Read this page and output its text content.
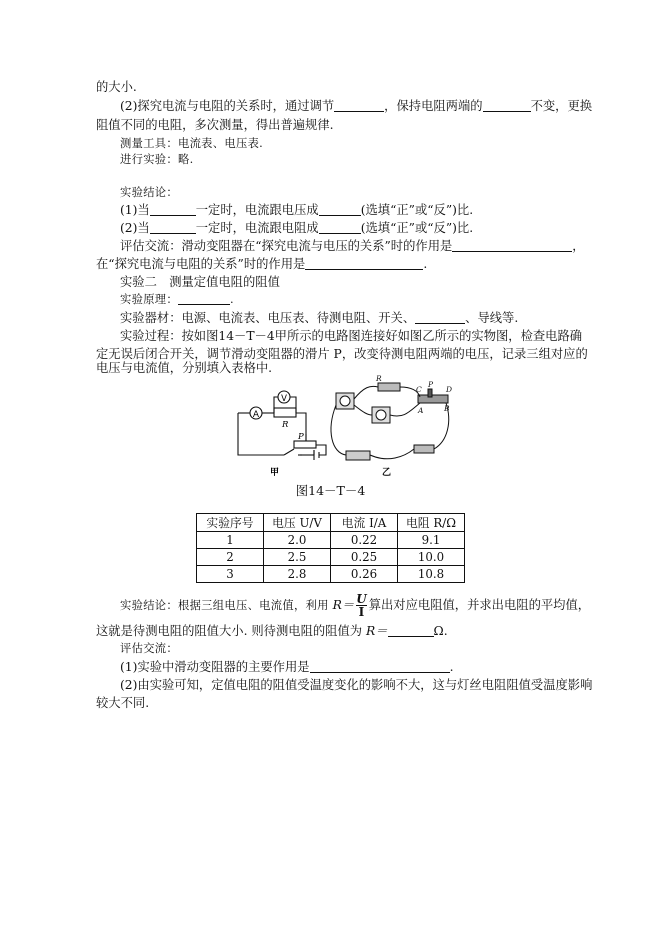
的大小.
(2)探究电流与电阻的关系时，通过调节	，保持电阻两端的	不变，更换
阻值不同的电阻，多次测量，得出普遍规律.
测量工具：电流表、电压表.
进行实验：略.
实验结论：
(1)当	一定时，电流跟电压成	(选填“正”或“反”)比.
(2)当	一定时，电流跟电阻成	(选填“正”或“反”)比.
评估交流：滑动变阻器在“探究电流与电压的关系”时的作用是	，
在“探究电流与电阻的关系”时的作用是	.
实验二　测量定值电阻的阻值
实验原理：	.
实验器材：电源、电流表、电压表、待测电阻、开关、	、导线等.
实验过程：按如图14－T－4甲所示的电路图连接好如图乙所示的实物图，检查电路确
定无误后闭合开关，调节滑动变阻器的滑片 P，改变待测电阻两端的电压，记录三组对应的
电压与电流值，分别填入表格中.
A
V
R
P
甲
R
C
P
D
A	B
乙
图14－T－4
实验序号	电压 U/V	电流 I/A	电阻 R/Ω
1	2.0	0.22	9.1
2	2.5	0.25	10.0
3	2.8	0.26	10.8
实验结论：根据三组电压、电流值，利用 $R= \frac{U}{I}$ 算出对应电阻值，并求出电阻的平均值，
这就是待测电阻的阻值大小. 则待测电阻的阻值为 R＝	Ω.
评估交流：
(1)实验中滑动变阻器的主要作用是	.
(2)由实验可知，定值电阻的阻值受温度变化的影响不大，这与灯丝电阻阻值受温度影响
较大不同.
